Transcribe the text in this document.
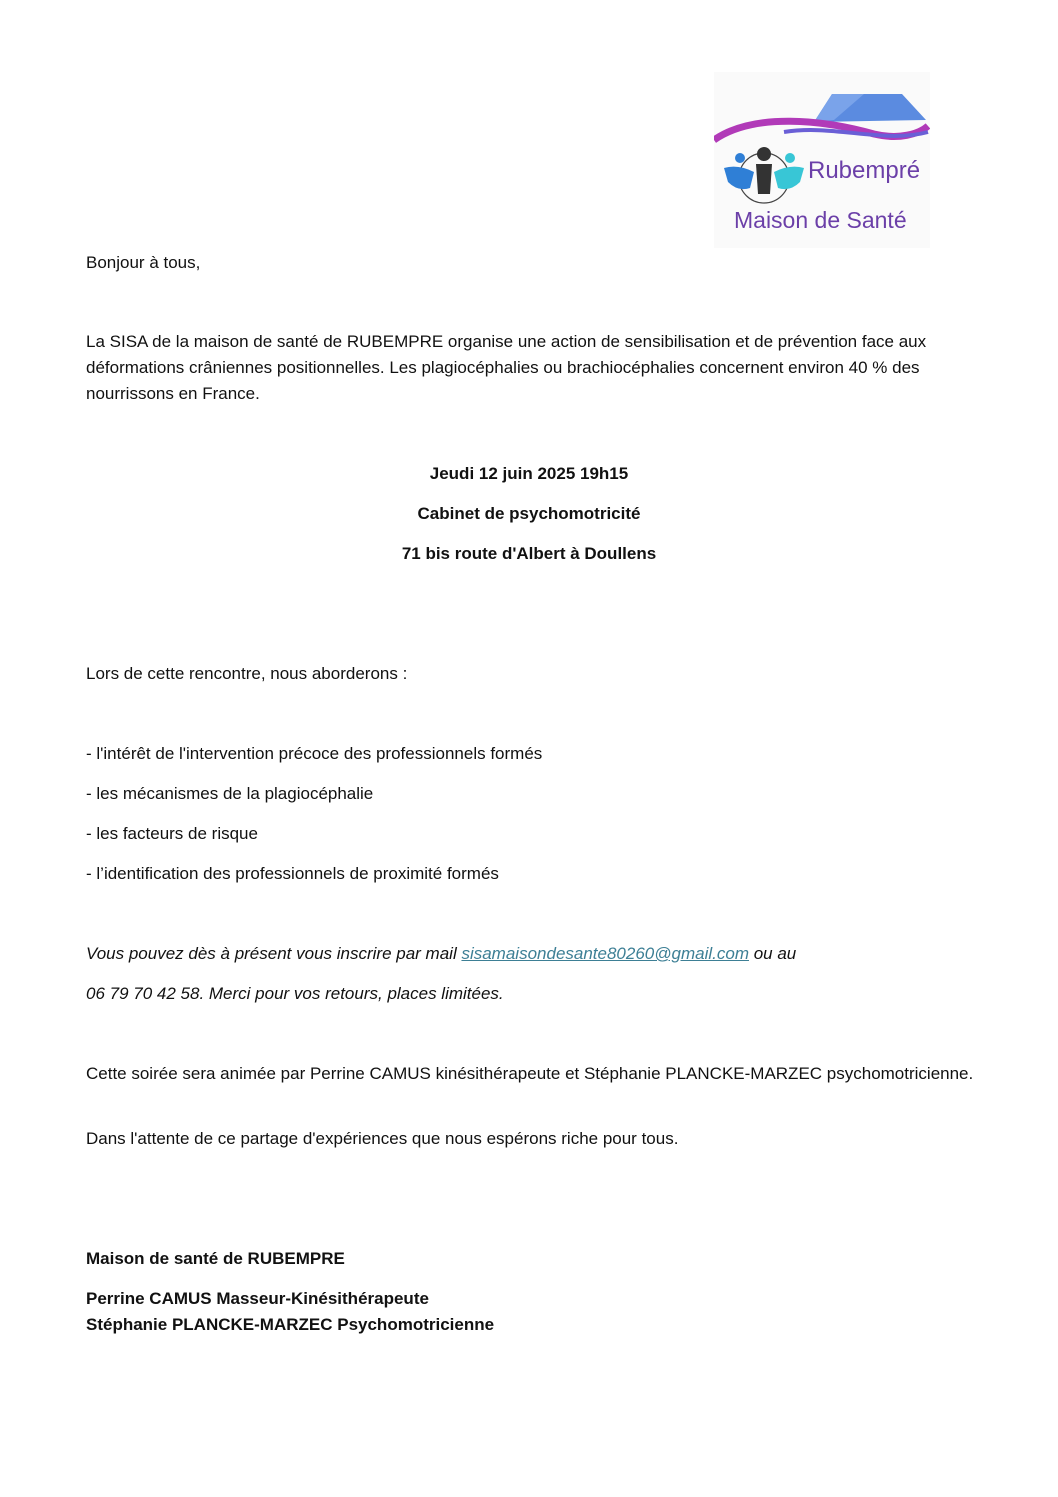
Rubempré
Maison de Santé

Bonjour à tous,

La SISA de la maison de santé de RUBEMPRE organise une action de sensibilisation et de prévention face aux déformations crâniennes positionnelles. Les plagiocéphalies ou brachiocéphalies concernent environ 40 % des nourrissons en France.

Jeudi 12 juin 2025 19h15

Cabinet de psychomotricité

71 bis route d'Albert à Doullens

Lors de cette rencontre, nous aborderons :

- l'intérêt de l'intervention précoce des professionnels formés

- les mécanismes de la plagiocéphalie

- les facteurs de risque

- l’identification des professionnels de proximité formés

Vous pouvez dès à présent vous inscrire par mail sisamaisondesante80260@gmail.com ou au

06 79 70 42 58. Merci pour vos retours, places limitées.

Cette soirée sera animée par Perrine CAMUS kinésithérapeute et Stéphanie PLANCKE-MARZEC psychomotricienne.

Dans l'attente de ce partage d'expériences que nous espérons riche pour tous.

Maison de santé de RUBEMPRE

Perrine CAMUS Masseur-Kinésithérapeute

Stéphanie PLANCKE-MARZEC Psychomotricienne
